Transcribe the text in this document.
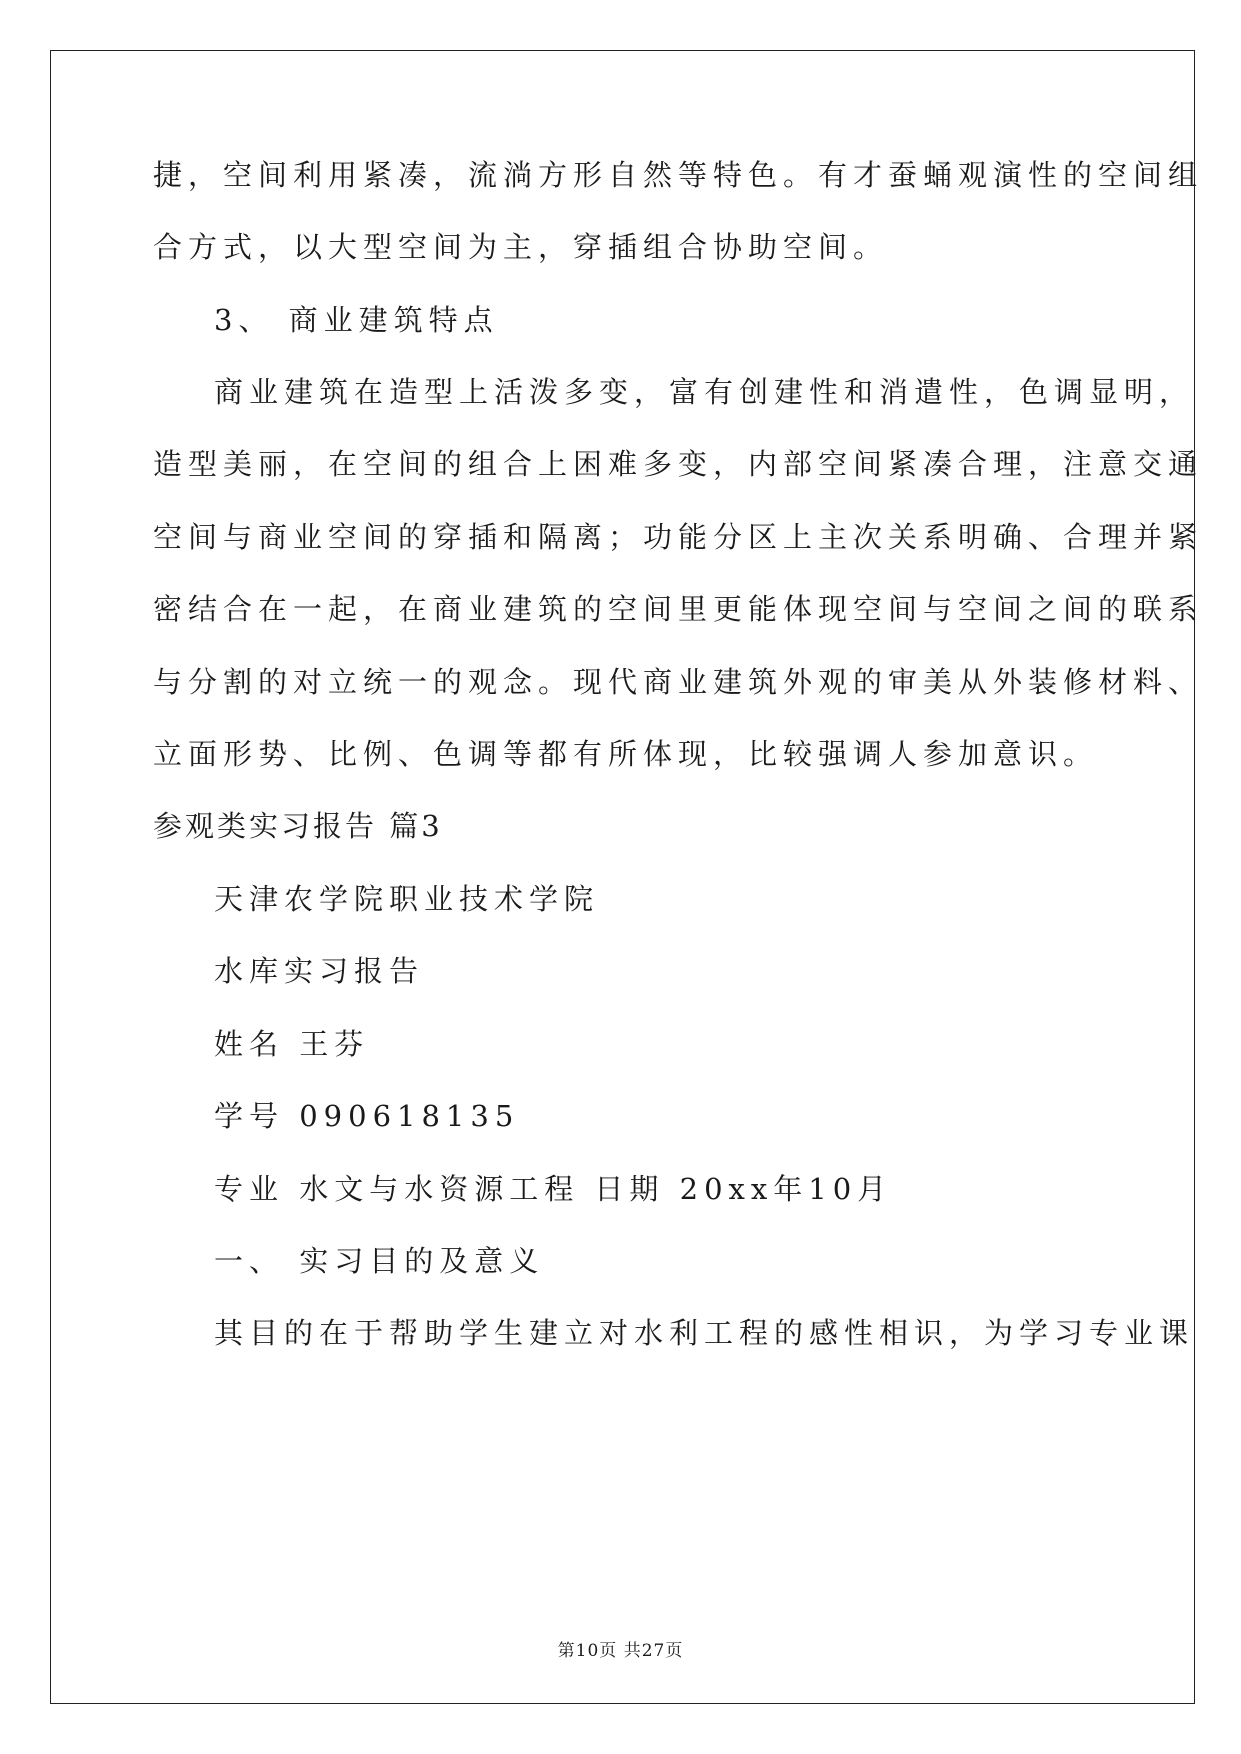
捷，空间利用紧凑，流淌方形自然等特色。有才蚕蛹观演性的空间组
合方式，以大型空间为主，穿插组合协助空间。
3、 商业建筑特点
商业建筑在造型上活泼多变，富有创建性和消遣性，色调显明，
造型美丽，在空间的组合上困难多变，内部空间紧凑合理，注意交通
空间与商业空间的穿插和隔离；功能分区上主次关系明确、合理并紧
密结合在一起，在商业建筑的空间里更能体现空间与空间之间的联系
与分割的对立统一的观念。现代商业建筑外观的审美从外装修材料、
立面形势、比例、色调等都有所体现，比较强调人参加意识。
参观类实习报告 篇3
天津农学院职业技术学院
水库实习报告
姓名 王芬
学号 090618135
专业 水文与水资源工程 日期 20xx年10月
一、 实习目的及意义
其目的在于帮助学生建立对水利工程的感性相识，为学习专业课
第10页 共27页
